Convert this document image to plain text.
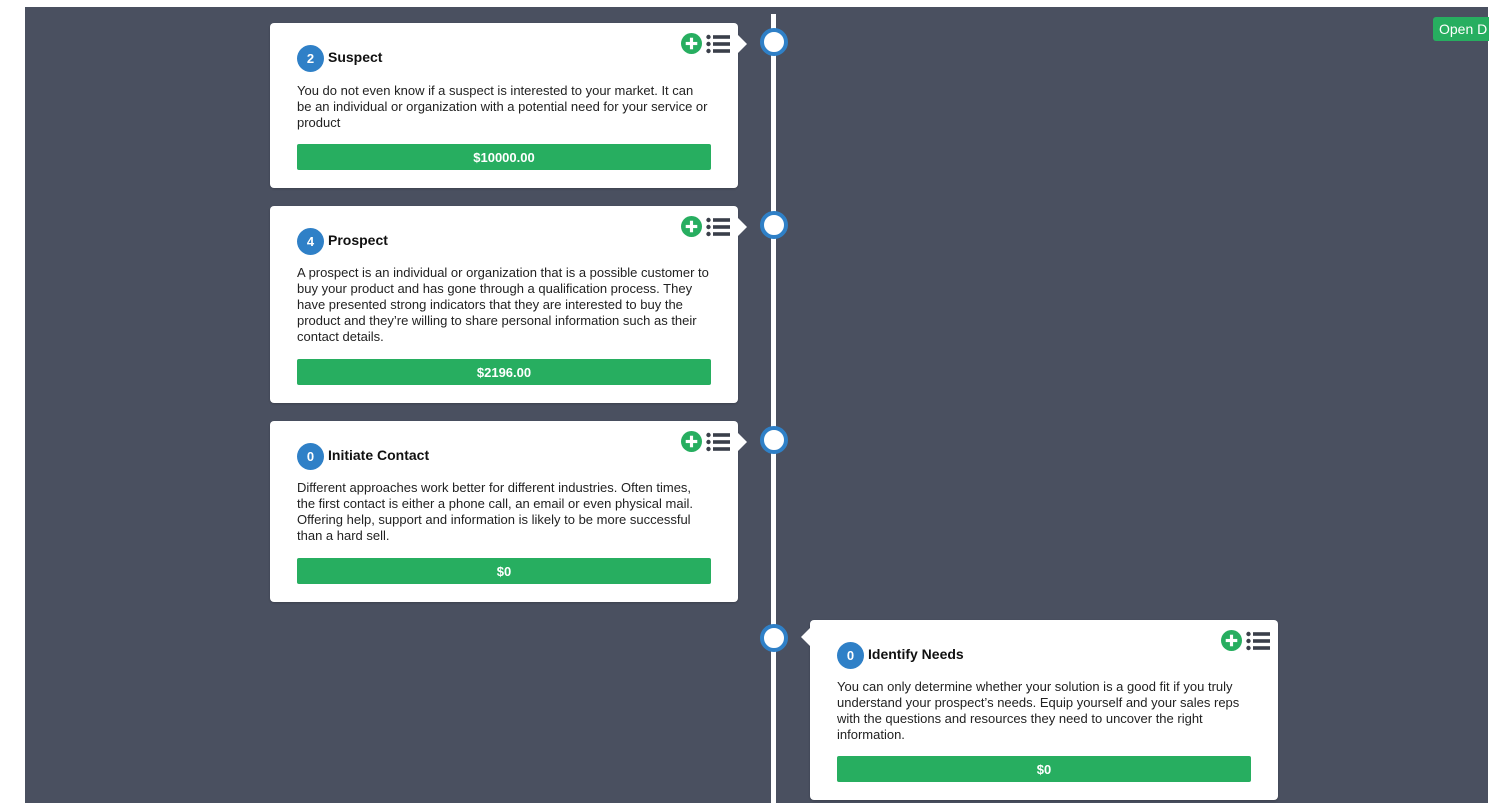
Open D
2 Suspect
You do not even know if a suspect is interested to your market. It can be an individual or organization with a potential need for your service or product
$10000.00
4 Prospect
A prospect is an individual or organization that is a possible customer to buy your product and has gone through a qualification process. They have presented strong indicators that they are interested to buy the product and they’re willing to share personal information such as their contact details.
$2196.00
0 Initiate Contact
Different approaches work better for different industries. Often times, the first contact is either a phone call, an email or even physical mail. Offering help, support and information is likely to be more successful than a hard sell.
$0
0 Identify Needs
You can only determine whether your solution is a good fit if you truly understand your prospect’s needs. Equip yourself and your sales reps with the questions and resources they need to uncover the right information.
$0
